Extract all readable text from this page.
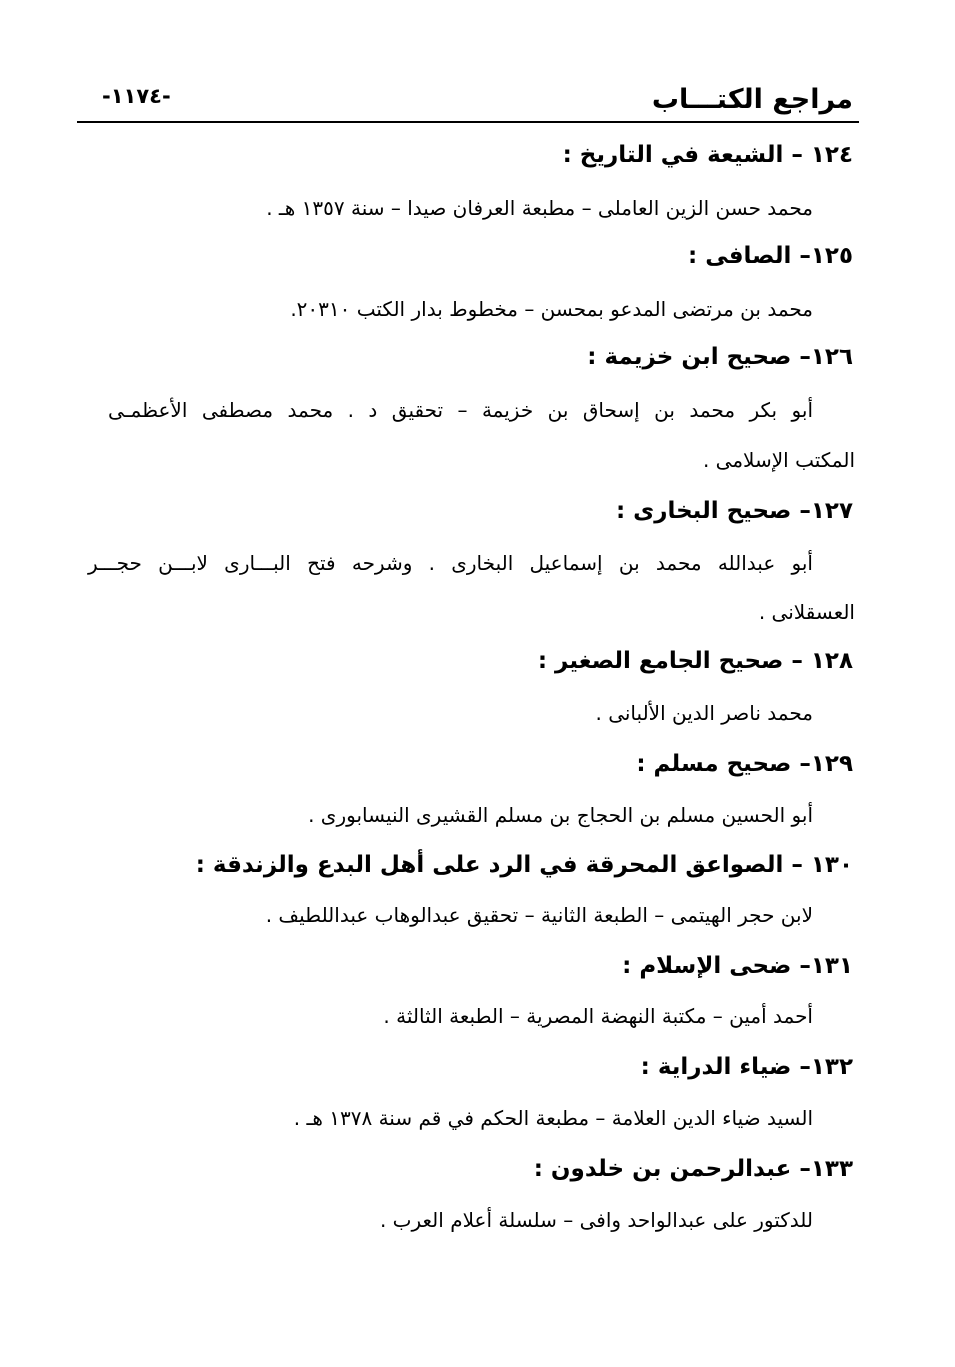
مراجع الكتـــاب
-١١٧٤-
١٢٤ – الشيعة في التاريخ :
محمد حسن الزين العاملى – مطبعة العرفان صيدا – سنة ١٣٥٧ هـ .
١٢٥– الصافى :
محمد بن مرتضى المدعو بمحسن – مخطوط بدار الكتب ٢٠٣١٠.
١٢٦– صحيح ابن خزيمة :
أبو بكر محمد بن إسحاق بن خزيمة – تحقيق د . محمد مصطفى الأعظمـى
المكتب الإسلامى .
١٢٧– صحيح البخارى :
أبو عبدالله محمد بن إسماعيل البخارى . وشرحه فتح البـــارى لابـــن حجـــر
العسقلانى .
١٢٨ – صحيح الجامع الصغير :
محمد ناصر الدين الألبانى .
١٢٩– صحيح مسلم :
أبو الحسين مسلم بن الحجاج بن مسلم القشيرى النيسابورى .
١٣٠ – الصواعق المحرقة في الرد على أهل البدع والزندقة :
لابن حجر الهيتمى – الطبعة الثانية – تحقيق عبدالوهاب عبداللطيف .
١٣١– ضحى الإسلام :
أحمد أمين – مكتبة النهضة المصرية – الطبعة الثالثة .
١٣٢– ضياء الدراية :
السيد ضياء الدين العلامة – مطبعة الحكم في قم سنة ١٣٧٨ هـ .
١٣٣– عبدالرحمن بن خلدون :
للدكتور على عبدالواحد وافى – سلسلة أعلام العرب .
